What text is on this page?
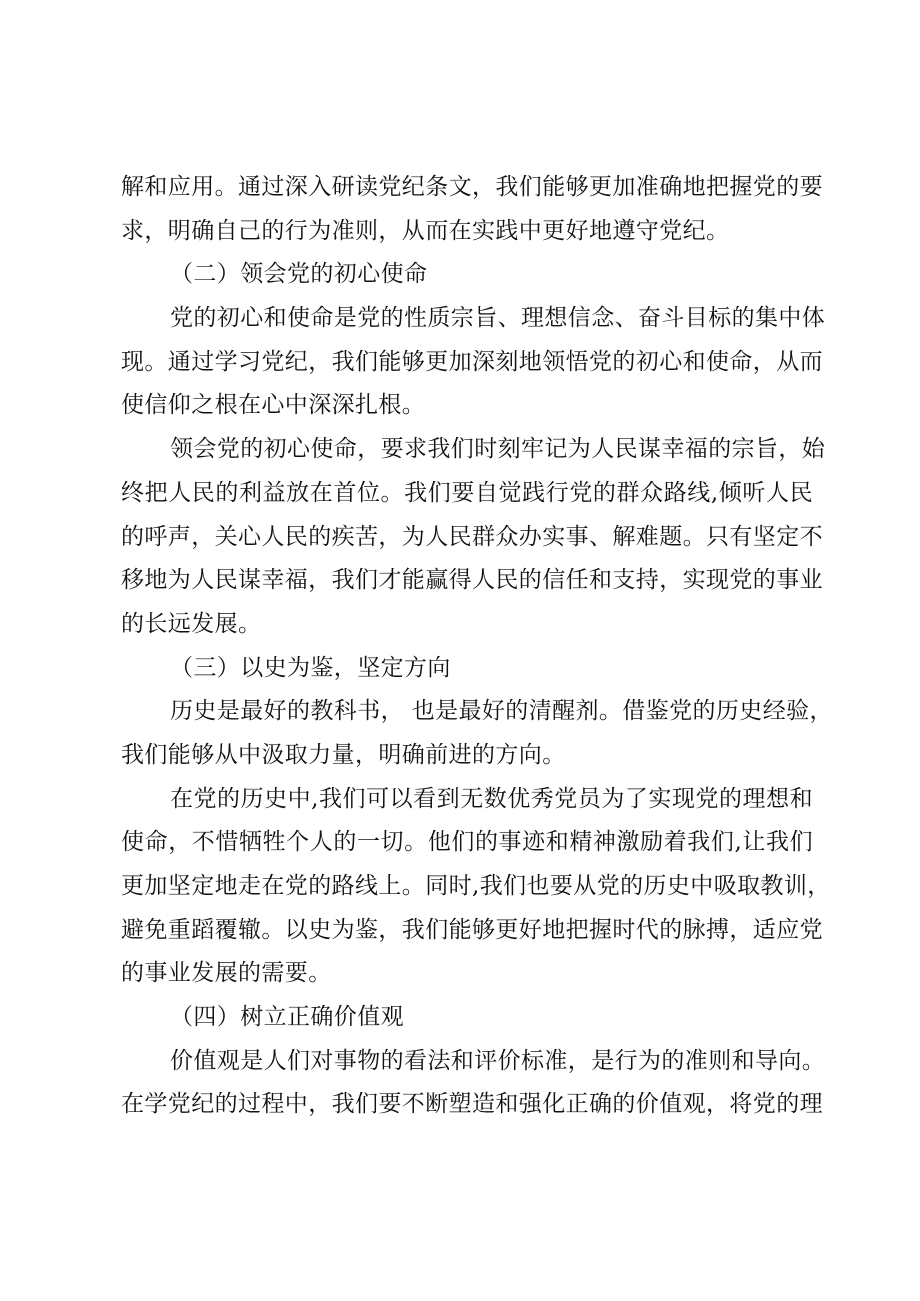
解和应用。通过深入研读党纪条文，我们能够更加准确地把握党的要
求，明确自己的行为准则，从而在实践中更好地遵守党纪。
（二）领会党的初心使命
党的初心和使命是党的性质宗旨、理想信念、奋斗目标的集中体
现。通过学习党纪，我们能够更加深刻地领悟党的初心和使命，从而
使信仰之根在心中深深扎根。
领会党的初心使命，要求我们时刻牢记为人民谋幸福的宗旨，始
终把人民的利益放在首位。我们要自觉践行党的群众路线,倾听人民
的呼声，关心人民的疾苦，为人民群众办实事、解难题。只有坚定不
移地为人民谋幸福，我们才能赢得人民的信任和支持，实现党的事业
的长远发展。
（三）以史为鉴，坚定方向
历史是最好的教科书， 也是最好的清醒剂。借鉴党的历史经验，
我们能够从中汲取力量，明确前进的方向。
在党的历史中,我们可以看到无数优秀党员为了实现党的理想和
使命，不惜牺牲个人的一切。他们的事迹和精神激励着我们,让我们
更加坚定地走在党的路线上。同时,我们也要从党的历史中吸取教训，
避免重蹈覆辙。以史为鉴，我们能够更好地把握时代的脉搏，适应党
的事业发展的需要。
（四）树立正确价值观
价值观是人们对事物的看法和评价标准，是行为的准则和导向。
在学党纪的过程中，我们要不断塑造和强化正确的价值观，将党的理
